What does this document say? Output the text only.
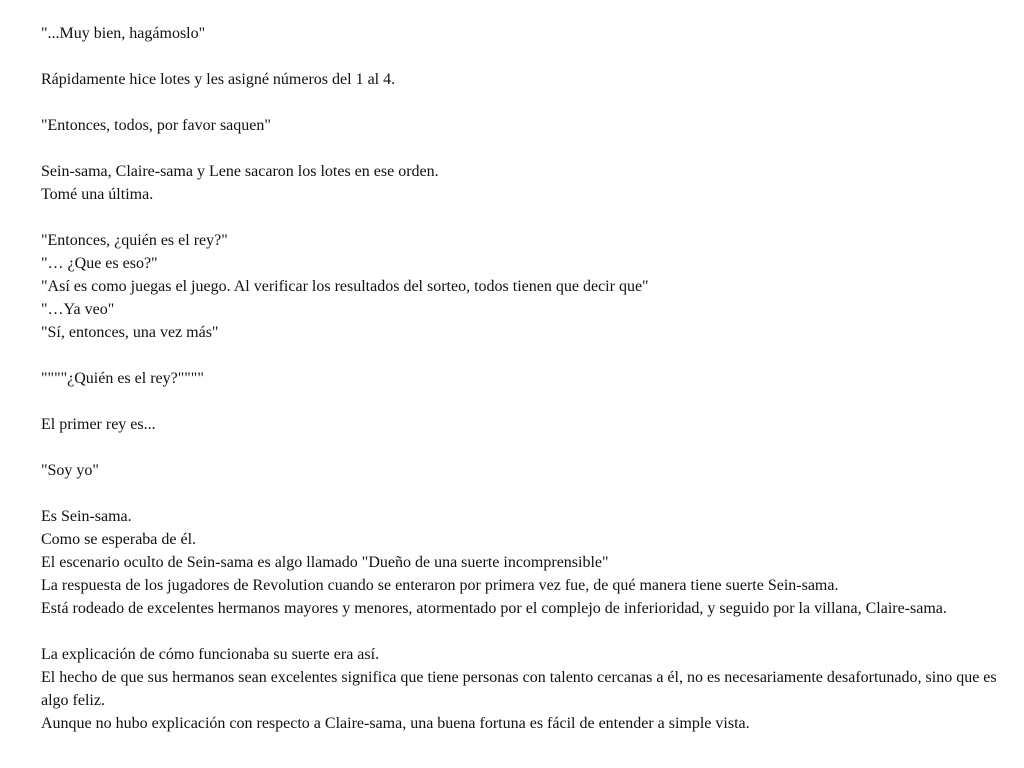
"...Muy bien, hagámoslo"

Rápidamente hice lotes y les asigné números del 1 al 4.

"Entonces, todos, por favor saquen"

Sein-sama, Claire-sama y Lene sacaron los lotes en ese orden.
Tomé una última.

"Entonces, ¿quién es el rey?"
"… ¿Que es eso?"
"Así es como juegas el juego. Al verificar los resultados del sorteo, todos tienen que decir que"
"…Ya veo"
"Sí, entonces, una vez más"

""""¿Quién es el rey?""""

El primer rey es...

"Soy yo"

Es Sein-sama.
Como se esperaba de él.
El escenario oculto de Sein-sama es algo llamado "Dueño de una suerte incomprensible"
La respuesta de los jugadores de Revolution cuando se enteraron por primera vez fue, de qué manera tiene suerte Sein-sama.
Está rodeado de excelentes hermanos mayores y menores, atormentado por el complejo de inferioridad, y seguido por la villana, Claire-sama.

La explicación de cómo funcionaba su suerte era así.
El hecho de que sus hermanos sean excelentes significa que tiene personas con talento cercanas a él, no es necesariamente desafortunado, sino que es algo feliz.
Aunque no hubo explicación con respecto a Claire-sama, una buena fortuna es fácil de entender a simple vista.
